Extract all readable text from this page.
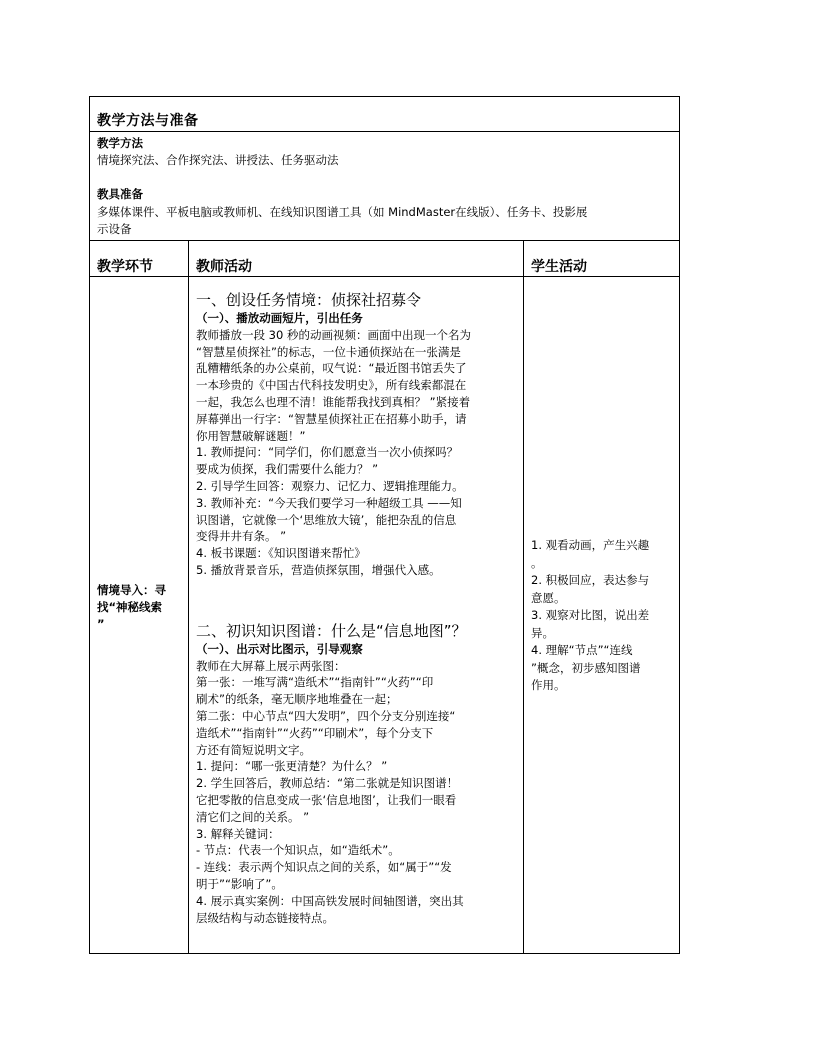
教学方法与准备
教学方法
情境探究法、合作探究法、讲授法、任务驱动法
教具准备
多媒体课件、平板电脑或教师机、在线知识图谱工具（如 MindMaster在线版）、任务卡、投影展
示设备
教学环节	教师活动	学生活动

情境导入：寻

找“神秘线索

”

一、创设任务情境：侦探社招募令

（一）、播放动画短片，引出任务

教师播放一段 30 秒的动画视频：画面中出现一个名为

“智慧星侦探社”的标志，一位卡通侦探站在一张满是

乱糟糟纸条的办公桌前，叹气说：“最近图书馆丢失了

一本珍贵的《中国古代科技发明史》，所有线索都混在

一起，我怎么也理不清！谁能帮我找到真相？ ”紧接着

屏幕弹出一行字：“智慧星侦探社正在招募小助手，请

你用智慧破解谜题！”

1. 教师提问：“同学们，你们愿意当一次小侦探吗？

要成为侦探，我们需要什么能力？ ”

2. 引导学生回答：观察力、记忆力、逻辑推理能力。

3. 教师补充：“今天我们要学习一种超级工具 ——知

识图谱，它就像一个‘思维放大镜’，能把杂乱的信息

变得井井有条。 ”

4. 板书课题：《知识图谱来帮忙》

5. 播放背景音乐，营造侦探氛围，增强代入感。

二、初识知识图谱：什么是“信息地图”？

（一）、出示对比图示，引导观察

教师在大屏幕上展示两张图：

第一张：一堆写满“造纸术”“指南针”“火药”“印

刷术”的纸条，毫无顺序地堆叠在一起；

第二张：中心节点“四大发明”，四个分支分别连接“

造纸术”“指南针”“火药”“印刷术”，每个分支下

方还有简短说明文字。

1. 提问：“哪一张更清楚？为什么？ ”

2. 学生回答后，教师总结：“第二张就是知识图谱！

它把零散的信息变成一张‘信息地图’，让我们一眼看

清它们之间的关系。 ”

3. 解释关键词：

- 节点：代表一个知识点，如“造纸术”。

- 连线：表示两个知识点之间的关系，如“属于”“发

明于”“影响了”。

4. 展示真实案例：中国高铁发展时间轴图谱，突出其

层级结构与动态链接特点。

1. 观看动画，产生兴趣

。

2. 积极回应，表达参与

意愿。

3. 观察对比图，说出差

异。

4. 理解“节点”“连线

”概念，初步感知图谱

作用。
